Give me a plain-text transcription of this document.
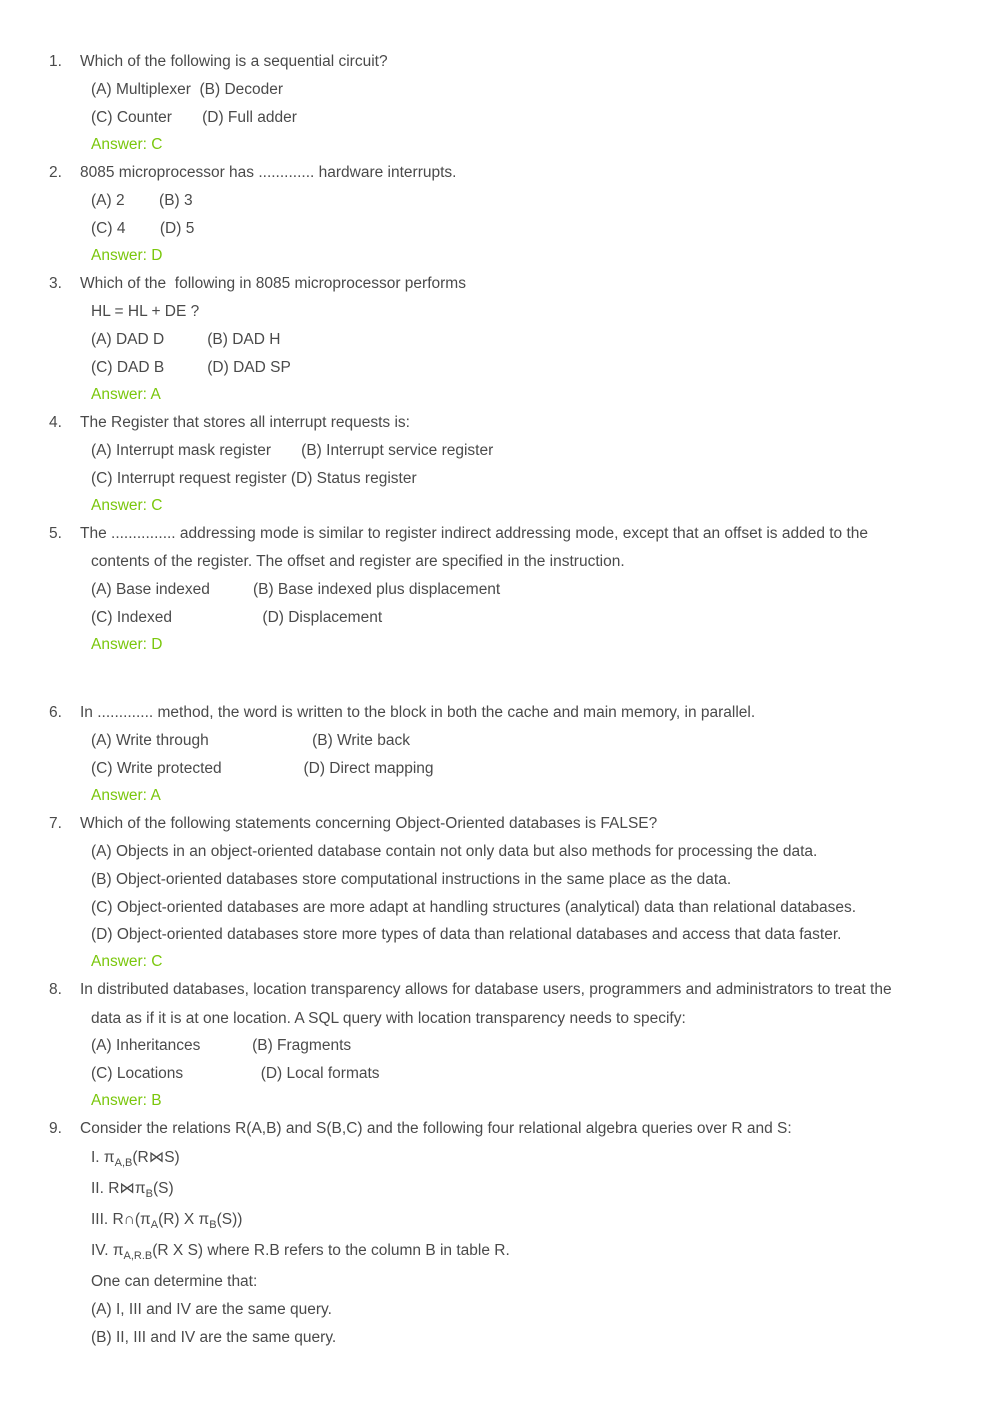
1. Which of the following is a sequential circuit?
(A) Multiplexer  (B) Decoder
(C) Counter       (D) Full adder
Answer: C
2. 8085 microprocessor has ............. hardware interrupts.
(A) 2        (B) 3
(C) 4        (D) 5
Answer: D
3. Which of the  following in 8085 microprocessor performs
HL = HL + DE ?
(A) DAD D          (B) DAD H
(C) DAD B          (D) DAD SP
Answer: A
4. The Register that stores all interrupt requests is:
(A) Interrupt mask register       (B) Interrupt service register
(C) Interrupt request register (D) Status register
Answer: C
5. The ............... addressing mode is similar to register indirect addressing mode, except that an offset is added to the
contents of the register. The offset and register are specified in the instruction.
(A) Base indexed          (B) Base indexed plus displacement
(C) Indexed                     (D) Displacement
Answer: D
6. In ............. method, the word is written to the block in both the cache and main memory, in parallel.
(A) Write through                        (B) Write back
(C) Write protected                   (D) Direct mapping
Answer: A
7. Which of the following statements concerning Object-Oriented databases is FALSE?
(A) Objects in an object-oriented database contain not only data but also methods for processing the data.
(B) Object-oriented databases store computational instructions in the same place as the data.
(C) Object-oriented databases are more adapt at handling structures (analytical) data than relational databases.
(D) Object-oriented databases store more types of data than relational databases and access that data faster.
Answer: C
8. In distributed databases, location transparency allows for database users, programmers and administrators to treat the
data as if it is at one location. A SQL query with location transparency needs to specify:
(A) Inheritances            (B) Fragments
(C) Locations                  (D) Local formats
Answer: B
9. Consider the relations R(A,B) and S(B,C) and the following four relational algebra queries over R and S:
I. $\pi_{A,B}(R⋈S)$
II. $R⋈\pi_B(S)$
III. $R\cap(\pi_A(R)$ X $\pi_B(S)$)
IV. $\pi_{A,R.B}(R$ X S) where R.B refers to the column B in table R.
One can determine that:
(A) I, III and IV are the same query.
(B) II, III and IV are the same query.
